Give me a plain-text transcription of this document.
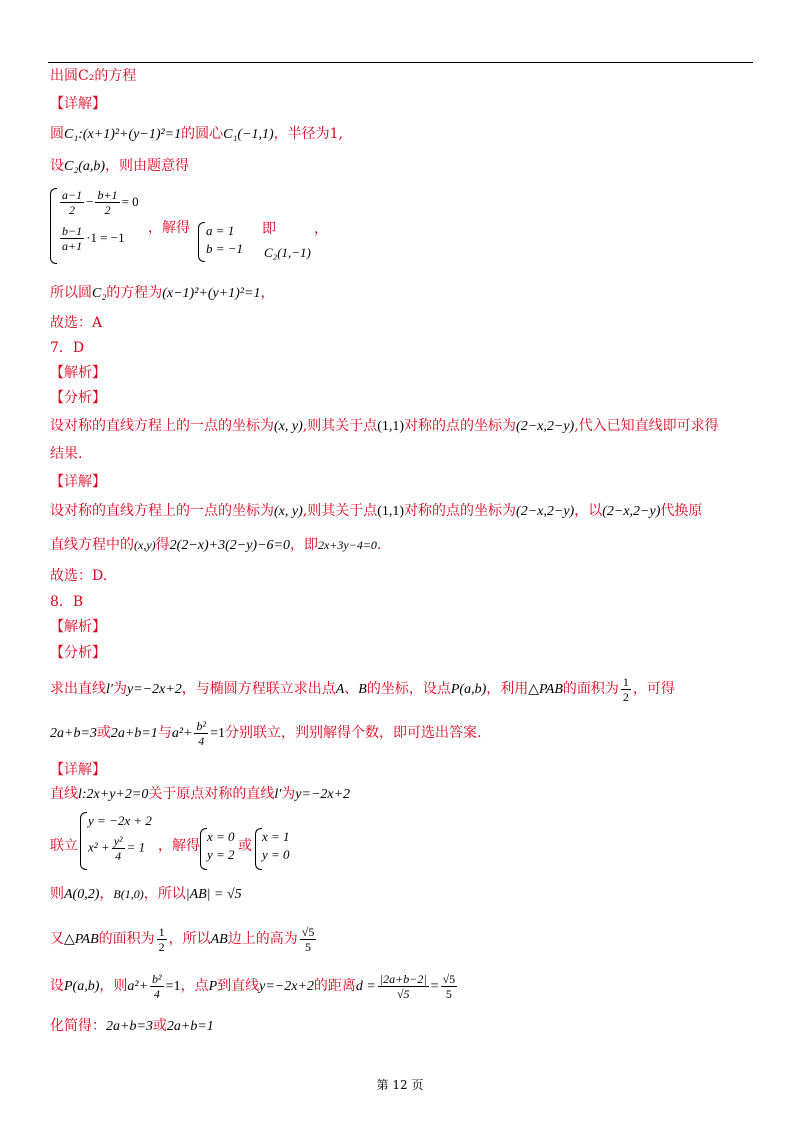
出圆C₂的方程
【详解】
圆C₁:(x+1)²+(y−1)²=1的圆心C₁(−1,1)，半径为1,
设C₂(a,b)，则由题意得
$\frac{a-1}{2} - \frac{b+1}{2} = 0$
$\frac{b-1}{a+1} \cdot 1 = -1$
，解得 a = 1
b = −1
即
C₂(1,−1)
，
所以圆C₂的方程为(x−1)²+(y+1)²=1，
故选：A
7．D
【解析】
【分析】
设对称的直线方程上的一点的坐标为(x, y),则其关于点(1,1)对称的点的坐标为(2−x,2−y),代入已知直线即可求得
结果.
【详解】
设对称的直线方程上的一点的坐标为(x, y),则其关于点(1,1)对称的点的坐标为(2−x,2−y)，以(2−x,2−y)代换原
直线方程中的(x,y)得2(2−x)+3(2−y)−6=0，即2x+3y−4=0.
故选：D.
8．B
【解析】
【分析】
求出直线l′为y=−2x+2，与椭圆方程联立求出点A、B的坐标，设点P(a,b)，利用△PAB的面积为 $\frac{1}{2}$ ，可得
2a+b=3或2a+b=1与$a^2+ \frac{\text{b²}}{4} =1$分别联立，判别解得个数，即可选出答案.
【详解】
直线l:2x+y+2=0关于原点对称的直线l′为y=−2x+2
联立
y = −2x + 2
$x^2 + \frac{\text{y²}}{4} = 1$ ，解得
x = 0
y = 2
或
x = 1
y = 0
则A(0,2)，B(1,0)，所以|AB| = √5
又△PAB的面积为 $\frac{1}{2}$ ，所以AB边上的高为 $\frac{√5}{5}$
设P(a,b)，则$a^2+ \frac{\text{b²}}{4} =1$，点P到直线y=−2x+2的距离$d = \frac{|2a+b-2|}{√5} = \frac{√5}{5}$
化简得：2a+b=3或2a+b=1
第 12 页
